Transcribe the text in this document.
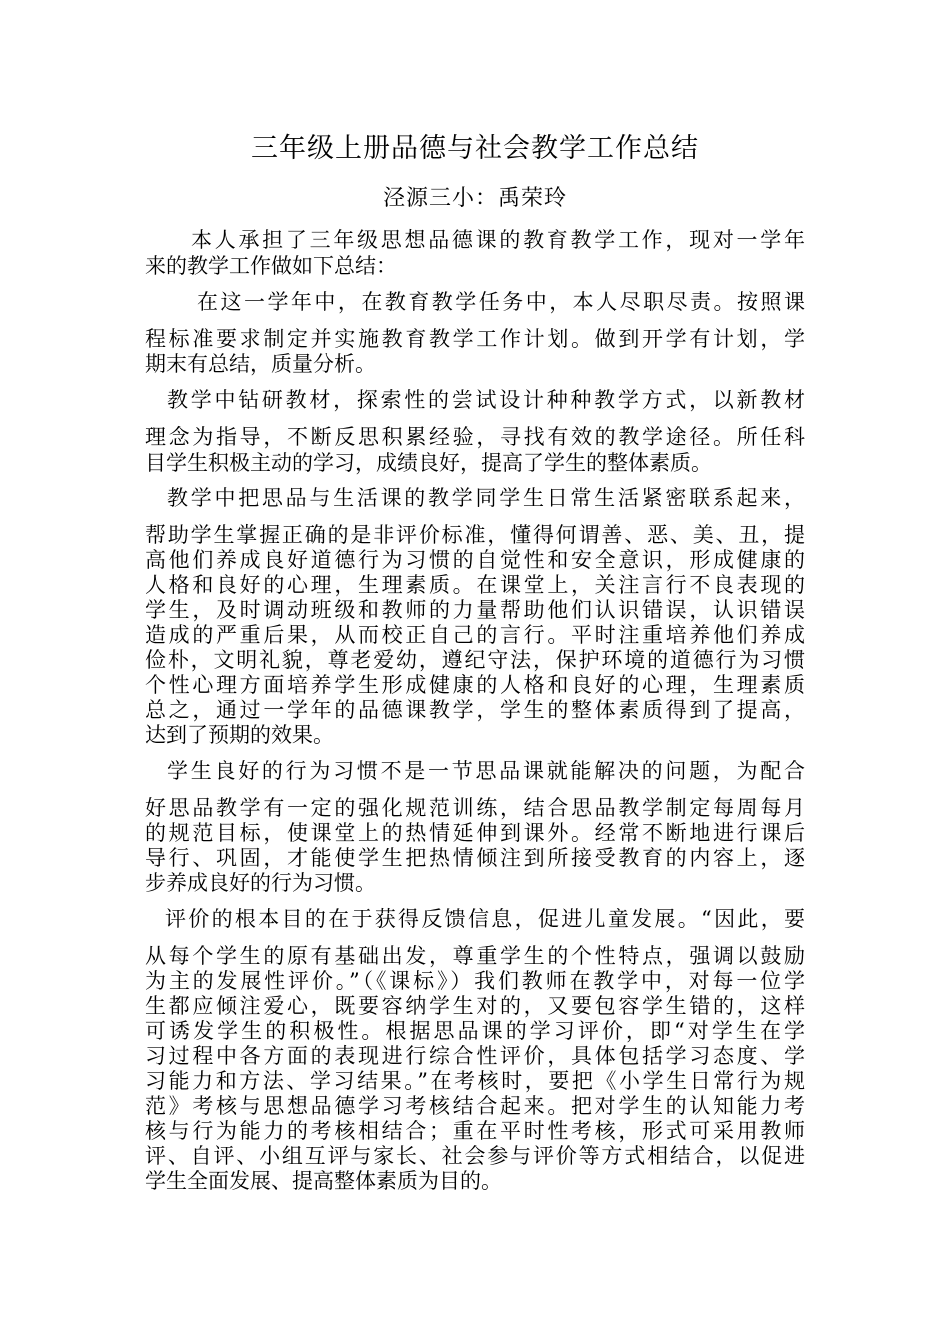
三年级上册品德与社会教学工作总结
泾源三小：禹荣玲
本人承担了三年级思想品德课的教育教学工作，现对一学年
来的教学工作做如下总结：
在这一学年中，在教育教学任务中，本人尽职尽责。按照课
程标准要求制定并实施教育教学工作计划。做到开学有计划，学
期末有总结，质量分析。
教学中钻研教材，探索性的尝试设计种种教学方式，以新教材
理念为指导，不断反思积累经验，寻找有效的教学途径。所任科
目学生积极主动的学习，成绩良好，提高了学生的整体素质。
教学中把思品与生活课的教学同学生日常生活紧密联系起来，
帮助学生掌握正确的是非评价标准，懂得何谓善、恶、美、丑，提
高他们养成良好道德行为习惯的自觉性和安全意识，形成健康的
人格和良好的心理，生理素质。在课堂上，关注言行不良表现的
学生，及时调动班级和教师的力量帮助他们认识错误，认识错误
造成的严重后果，从而校正自己的言行。平时注重培养他们养成
俭朴，文明礼貌，尊老爱幼，遵纪守法，保护环境的道德行为习惯
个性心理方面培养学生形成健康的人格和良好的心理，生理素质
总之，通过一学年的品德课教学，学生的整体素质得到了提高，
达到了预期的效果。
学生良好的行为习惯不是一节思品课就能解决的问题，为配合
好思品教学有一定的强化规范训练，结合思品教学制定每周每月
的规范目标，使课堂上的热情延伸到课外。经常不断地进行课后
导行、巩固，才能使学生把热情倾注到所接受教育的内容上，逐
步养成良好的行为习惯。
评价的根本目的在于获得反馈信息，促进儿童发展。“因此，要
从每个学生的原有基础出发，尊重学生的个性特点，强调以鼓励
为主的发展性评价。”（《课标》）我们教师在教学中，对每一位学
生都应倾注爱心，既要容纳学生对的，又要包容学生错的，这样
可诱发学生的积极性。根据思品课的学习评价，即“对学生在学
习过程中各方面的表现进行综合性评价，具体包括学习态度、学
习能力和方法、学习结果。”在考核时，要把《小学生日常行为规
范》考核与思想品德学习考核结合起来。把对学生的认知能力考
核与行为能力的考核相结合；重在平时性考核，形式可采用教师
评、自评、小组互评与家长、社会参与评价等方式相结合，以促进
学生全面发展、提高整体素质为目的。
